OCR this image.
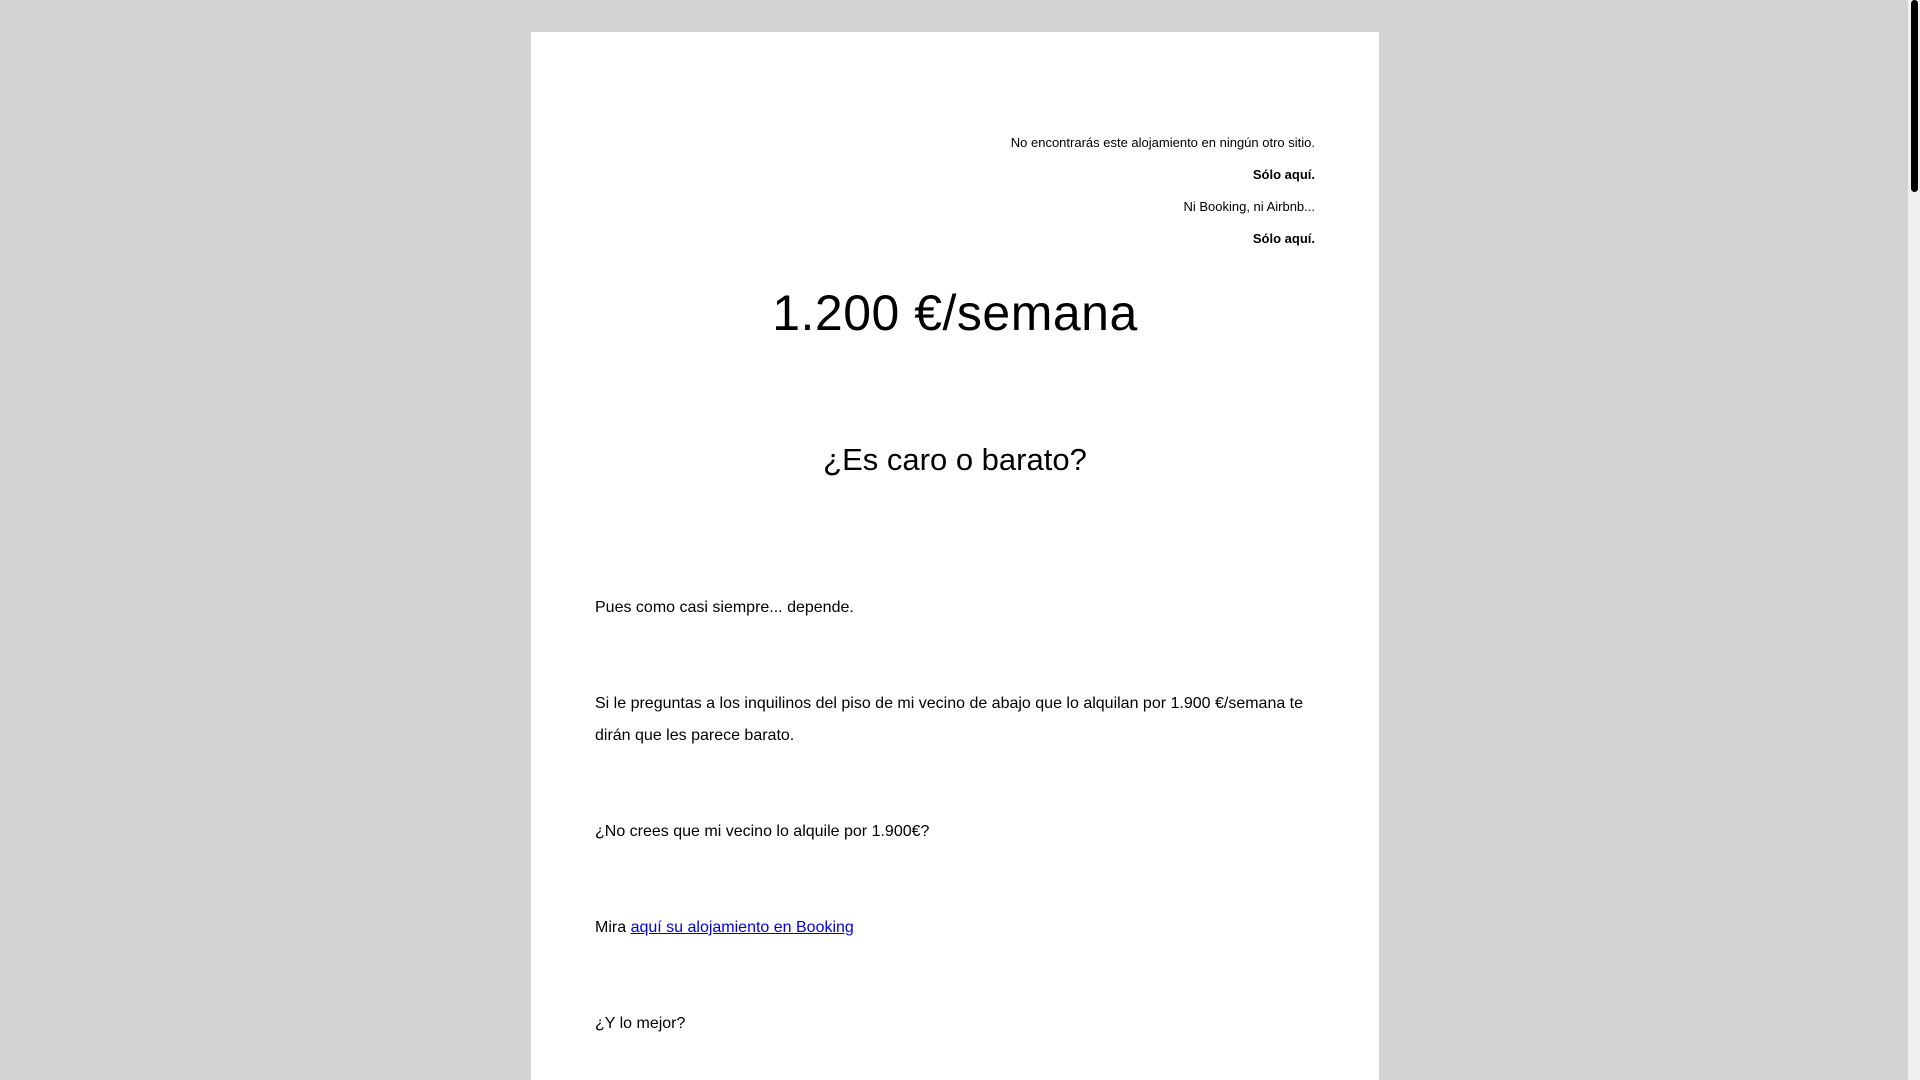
No encontrarás este alojamiento en ningún otro sitio.
Sólo aquí.
Ni Booking, ni Airbnb...
Sólo aquí.
1.200 €/semana
¿Es caro o barato?

Pues como casi siempre... depende.

Si le preguntas a los inquilinos del piso de mi vecino de abajo que lo alquilan por 1.900 €/semana te dirán que les parece barato.

¿No crees que mi vecino lo alquile por 1.900€?

Mira aquí su alojamiento en Booking

¿Y lo mejor?
